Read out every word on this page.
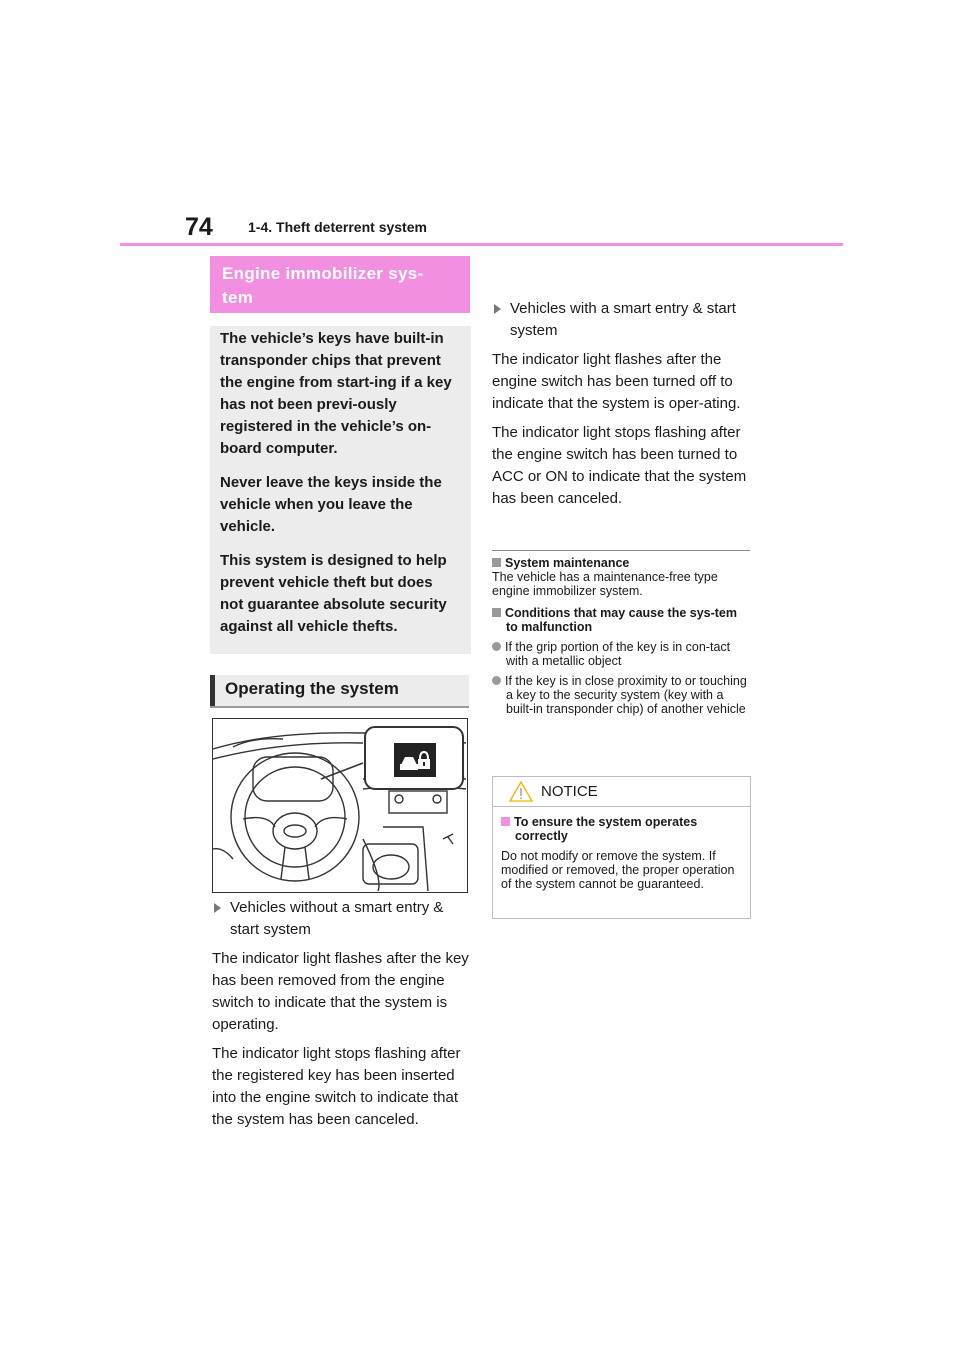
74	1-4. Theft deterrent system
Engine immobilizer sys-
tem

The vehicle’s keys have built-in transponder chips that prevent the engine from start-ing if a key has not been previ-ously registered in the vehicle’s on-board computer.

Never leave the keys inside the vehicle when you leave the vehicle.

This system is designed to help prevent vehicle theft but does not guarantee absolute security against all vehicle thefts.

Operating the system

Vehicles without a smart entry & start system

The indicator light flashes after the key has been removed from the engine switch to indicate that the system is operating.

The indicator light stops flashing after the registered key has been inserted into the engine switch to indicate that the system has been canceled.

Vehicles with a smart entry & start system

The indicator light flashes after the engine switch has been turned off to indicate that the system is oper-ating.

The indicator light stops flashing after the engine switch has been turned to ACC or ON to indicate that the system has been canceled.

System maintenance

The vehicle has a maintenance-free type engine immobilizer system.

Conditions that may cause the sys-tem to malfunction

If the grip portion of the key is in con-tact with a metallic object

If the key is in close proximity to or touching a key to the security system (key with a built-in transponder chip) of another vehicle

NOTICE

To ensure the system operates correctly

Do not modify or remove the system. If modified or removed, the proper operation of the system cannot be guaranteed.
